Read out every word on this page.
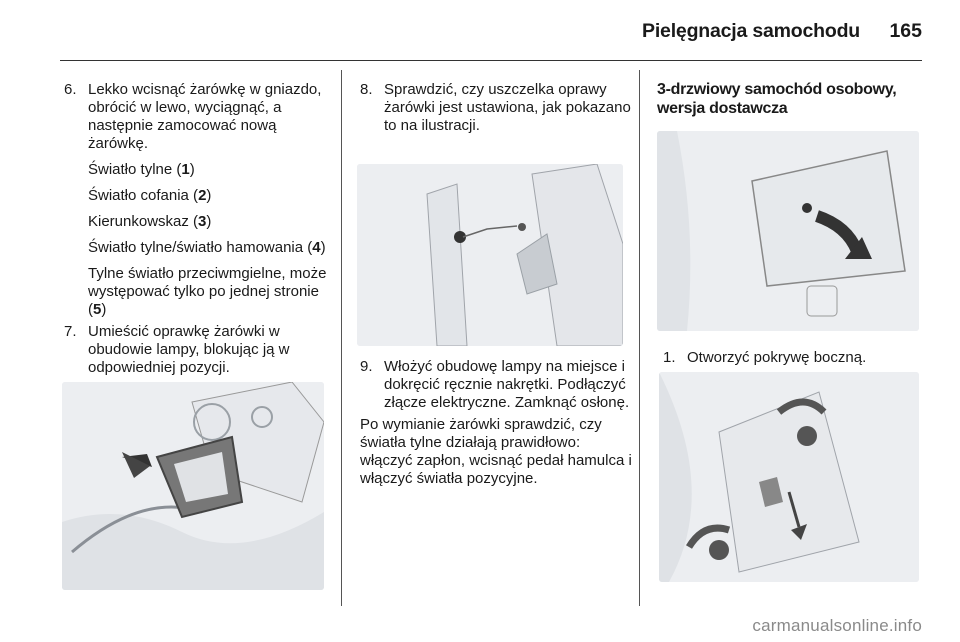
Pielęgnacja samochodu 165
6. Lekko wcisnąć żarówkę w gniazdo, obrócić w lewo, wyciągnąć, a następnie zamocować nową żarówkę.

Światło tylne (1)

Światło cofania (2)

Kierunkowskaz (3)

Światło tylne/światło hamowania (4)

Tylne światło przeciwmgielne, może występować tylko po jednej stronie (5)

7. Umieścić oprawkę żarówki w obudowie lampy, blokując ją w odpowiedniej pozycji.

8. Sprawdzić, czy uszczelka oprawy żarówki jest ustawiona, jak pokazano to na ilustracji.

9. Włożyć obudowę lampy na miejsce i dokręcić ręcznie nakrętki. Podłączyć złącze elektryczne. Zamknąć osłonę.

Po wymianie żarówki sprawdzić, czy światła tylne działają prawidłowo: włączyć zapłon, wcisnąć pedał hamulca i włączyć światła pozycyjne.

3-drzwiowy samochód osobowy, wersja dostawcza

1. Otworzyć pokrywę boczną.

carmanualsonline.info
